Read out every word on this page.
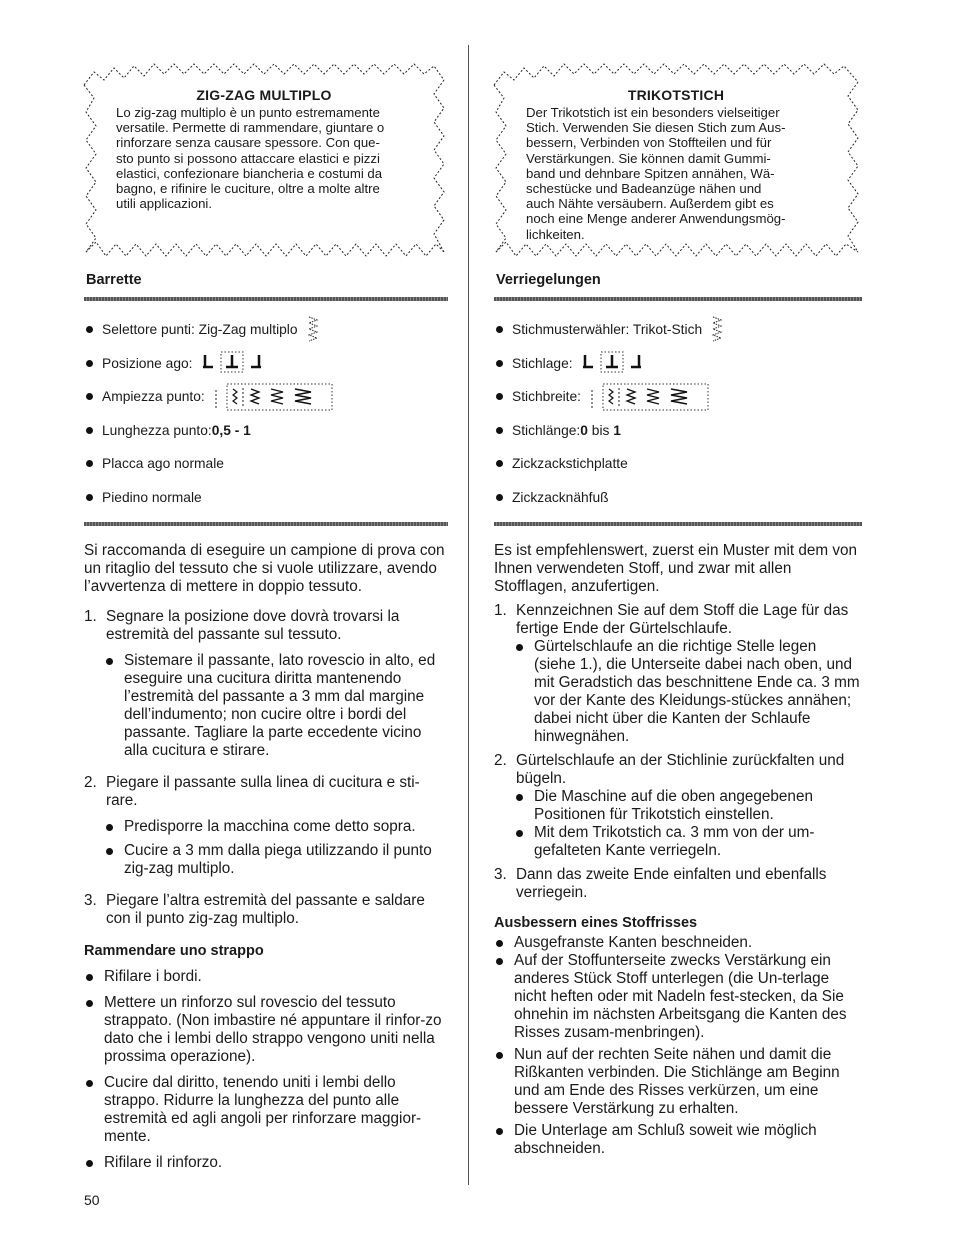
ZIG-ZAG MULTIPLO
Lo zig-zag multiplo è un punto estremamente
versatile. Permette di rammendare, giuntare o
rinforzare senza causare spessore. Con que-
sto punto si possono attaccare elastici e pizzi
elastici, confezionare biancheria e costumi da
bagno, e rifinire le cuciture, oltre a molte altre
utili applicazioni.
Barrette
Selettore punti: Zig-Zag multiplo
Posizione ago:
Ampiezza punto:
Lunghezza punto: 0,5 - 1
Placca ago normale
Piedino normale

Si raccomanda di eseguire un campione di prova con un ritaglio del tessuto che si vuole utilizzare, avendo l’avvertenza di mettere in doppio tessuto.

1. Segnare la posizione dove dovrà trovarsi la estremità del passante sul tessuto.
Sistemare il passante, lato rovescio in alto, ed eseguire una cucitura diritta mantenendo l’estremità del passante a 3 mm dal margine dell’indumento; non cucire oltre i bordi del passante. Tagliare la parte eccedente vicino alla cucitura e stirare.
2. Piegare il passante sulla linea di cucitura e sti-rare.
Predisporre la macchina come detto sopra.
Cucire a 3 mm dalla piega utilizzando il punto zig-zag multiplo.
3. Piegare l’altra estremità del passante e saldare con il punto zig-zag multiplo.
Rammendare uno strappo
Rifilare i bordi.
Mettere un rinforzo sul rovescio del tessuto strappato. (Non imbastire né appuntare il rinfor-zo dato che i lembi dello strappo vengono uniti nella prossima operazione).
Cucire dal diritto, tenendo uniti i lembi dello strappo. Ridurre la lunghezza del punto alle estremità ed agli angoli per rinforzare maggior-mente.
Rifilare il rinforzo.
TRIKOTSTICH
Der Trikotstich ist ein besonders vielseitiger
Stich. Verwenden Sie diesen Stich zum Aus-
bessern, Verbinden von Stoffteilen und für
Verstärkungen. Sie können damit Gummi-
band und dehnbare Spitzen annähen, Wä-
schestücke und Badeanzüge nähen und
auch Nähte versäubern. Außerdem gibt es
noch eine Menge anderer Anwendungsmög-
lichkeiten.
Verriegelungen
Stichmusterwähler: Trikot-Stich
Stichlage:
Stichbreite:
Stichlänge: 0 bis 1
Zickzackstichplatte
Zickzacknähfuß

Es ist empfehlenswert, zuerst ein Muster mit dem von Ihnen verwendeten Stoff, und zwar mit allen Stofflagen, anzufertigen.

1. Kennzeichnen Sie auf dem Stoff die Lage für das fertige Ende der Gürtelschlaufe.
Gürtelschlaufe an die richtige Stelle legen (siehe 1.), die Unterseite dabei nach oben, und mit Geradstich das beschnittene Ende ca. 3 mm vor der Kante des Kleidungs-stückes annähen; dabei nicht über die Kanten der Schlaufe hinwegnähen.
2. Gürtelschlaufe an der Stichlinie zurückfalten und bügeln.
Die Maschine auf die oben angegebenen Positionen für Trikotstich einstellen.
Mit dem Trikotstich ca. 3 mm von der um-gefalteten Kante verriegeln.
3. Dann das zweite Ende einfalten und ebenfalls verriegein.
Ausbessern eines Stoffrisses
Ausgefranste Kanten beschneiden.
Auf der Stoffunterseite zwecks Verstärkung ein anderes Stück Stoff unterlegen (die Un-terlage nicht heften oder mit Nadeln fest-stecken, da Sie ohnehin im nächsten Arbeitsgang die Kanten des Risses zusam-menbringen).
Nun auf der rechten Seite nähen und damit die Rißkanten verbinden. Die Stichlänge am Beginn und am Ende des Risses verkürzen, um eine bessere Verstärkung zu erhalten.
Die Unterlage am Schluß soweit wie möglich abschneiden.
50
